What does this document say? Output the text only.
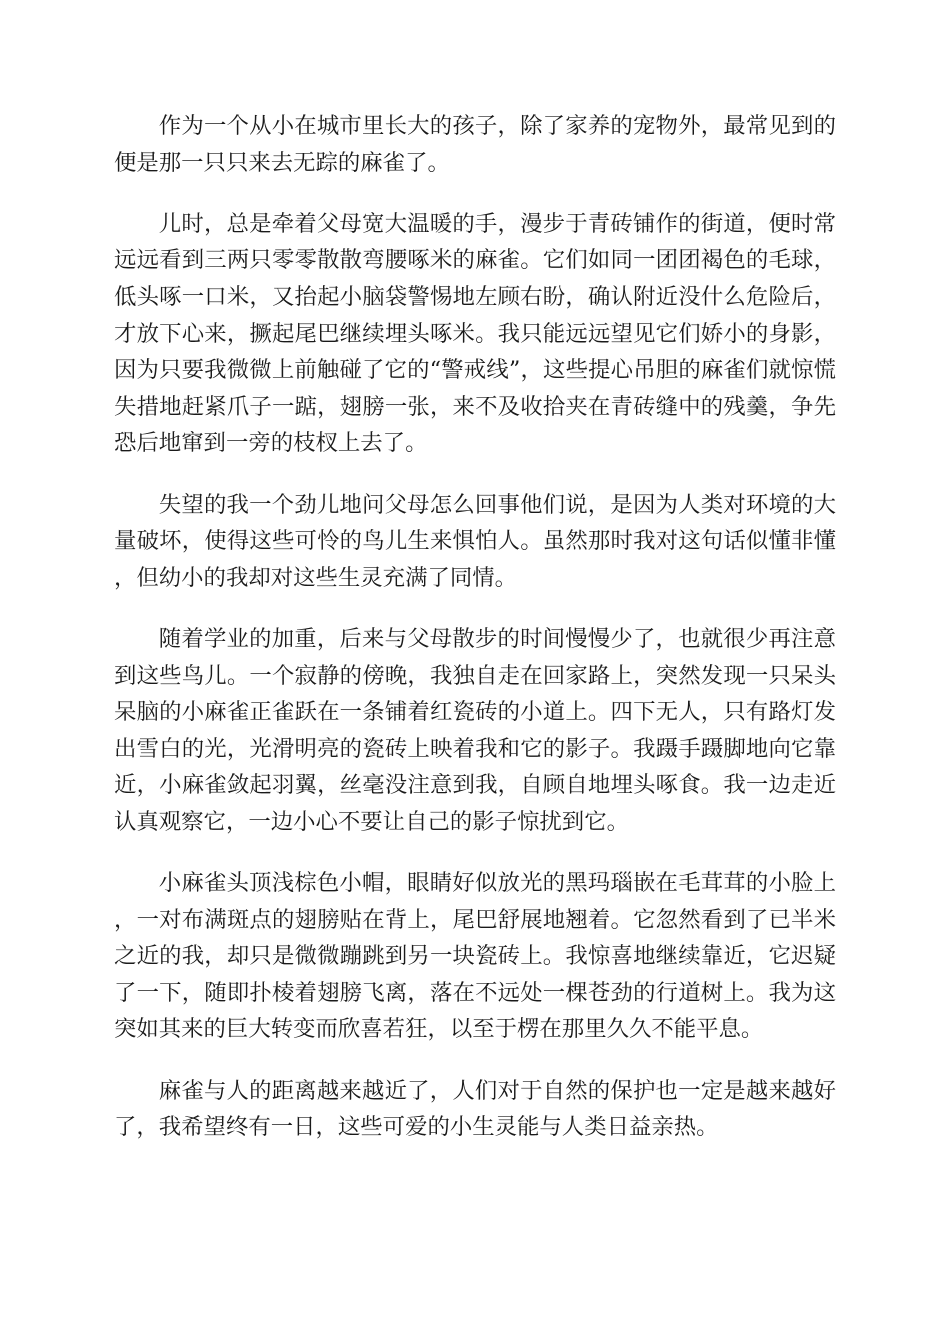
作为一个从小在城市里长大的孩子，除了家养的宠物外，最常见到的便是那一只只来去无踪的麻雀了。

儿时，总是牵着父母宽大温暖的手，漫步于青砖铺作的街道，便时常远远看到三两只零零散散弯腰啄米的麻雀。它们如同一团团褐色的毛球，低头啄一口米，又抬起小脑袋警惕地左顾右盼，确认附近没什么危险后，才放下心来，撅起尾巴继续埋头啄米。我只能远远望见它们娇小的身影，因为只要我微微上前触碰了它的“警戒线”，这些提心吊胆的麻雀们就惊慌失措地赶紧爪子一踮，翅膀一张，来不及收拾夹在青砖缝中的残羹，争先恐后地窜到一旁的枝杈上去了。

失望的我一个劲儿地问父母怎么回事他们说，是因为人类对环境的大量破坏，使得这些可怜的鸟儿生来惧怕人。虽然那时我对这句话似懂非懂，但幼小的我却对这些生灵充满了同情。

随着学业的加重，后来与父母散步的时间慢慢少了，也就很少再注意到这些鸟儿。一个寂静的傍晚，我独自走在回家路上，突然发现一只呆头呆脑的小麻雀正雀跃在一条铺着红瓷砖的小道上。四下无人，只有路灯发出雪白的光，光滑明亮的瓷砖上映着我和它的影子。我蹑手蹑脚地向它靠近，小麻雀敛起羽翼，丝毫没注意到我，自顾自地埋头啄食。我一边走近认真观察它，一边小心不要让自己的影子惊扰到它。

小麻雀头顶浅棕色小帽，眼睛好似放光的黑玛瑙嵌在毛茸茸的小脸上，一对布满斑点的翅膀贴在背上，尾巴舒展地翘着。它忽然看到了已半米之近的我，却只是微微蹦跳到另一块瓷砖上。我惊喜地继续靠近，它迟疑了一下，随即扑棱着翅膀飞离，落在不远处一棵苍劲的行道树上。我为这突如其来的巨大转变而欣喜若狂，以至于楞在那里久久不能平息。

麻雀与人的距离越来越近了，人们对于自然的保护也一定是越来越好了，我希望终有一日，这些可爱的小生灵能与人类日益亲热。
